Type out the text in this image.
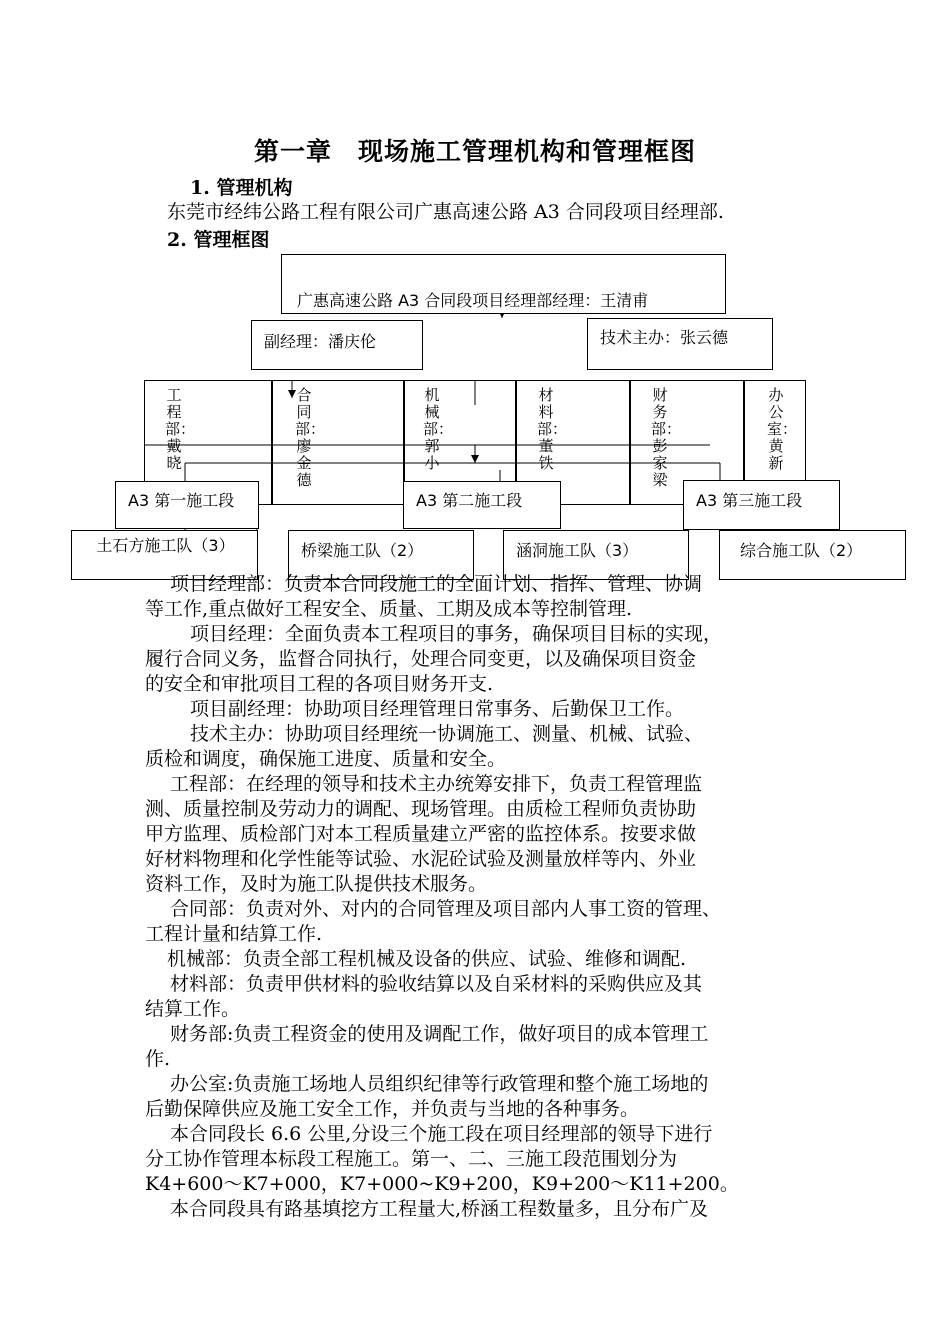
第一章　现场施工管理机构和管理框图
1. 管理机构
东莞市经纬公路工程有限公司广惠高速公路 A3 合同段项目经理部.
2. 管理框图
广惠高速公路 A3 合同段项目经理部经理：王清甫
副经理：潘庆伦	技术主办：张云德
工程部：戴晓
合同部：廖金德
机械部：郭小
材料部：董铁
财务部：彭家梁
办公室：黄新
A3 第一施工段	A3 第二施工段	A3 第三施工段
土石方施工队（3）	桥梁施工队（2）	涵洞施工队（3）	综合施工队（2）
项目经理部：负责本合同段施工的全面计划、指挥、管理、协调
等工作,重点做好工程安全、质量、工期及成本等控制管理.
项目经理：全面负责本工程项目的事务，确保项目目标的实现，
履行合同义务，监督合同执行，处理合同变更，以及确保项目资金
的安全和审批项目工程的各项目财务开支.
项目副经理：协助项目经理管理日常事务、后勤保卫工作。
技术主办：协助项目经理统一协调施工、测量、机械、试验、
质检和调度，确保施工进度、质量和安全。
工程部：在经理的领导和技术主办统筹安排下，负责工程管理监
测、质量控制及劳动力的调配、现场管理。由质检工程师负责协助
甲方监理、质检部门对本工程质量建立严密的监控体系。按要求做
好材料物理和化学性能等试验、水泥砼试验及测量放样等内、外业
资料工作，及时为施工队提供技术服务。
合同部：负责对外、对内的合同管理及项目部内人事工资的管理、
工程计量和结算工作.
机械部：负责全部工程机械及设备的供应、试验、维修和调配.
材料部：负责甲供材料的验收结算以及自采材料的采购供应及其
结算工作。
财务部:负责工程资金的使用及调配工作，做好项目的成本管理工
作.
办公室:负责施工场地人员组织纪律等行政管理和整个施工场地的
后勤保障供应及施工安全工作，并负责与当地的各种事务。
本合同段长 6.6 公里,分设三个施工段在项目经理部的领导下进行
分工协作管理本标段工程施工。第一、二、三施工段范围划分为
K4+600～K7+000，K7+000~K9+200，K9+200～K11+200。
本合同段具有路基填挖方工程量大,桥涵工程数量多，且分布广及
